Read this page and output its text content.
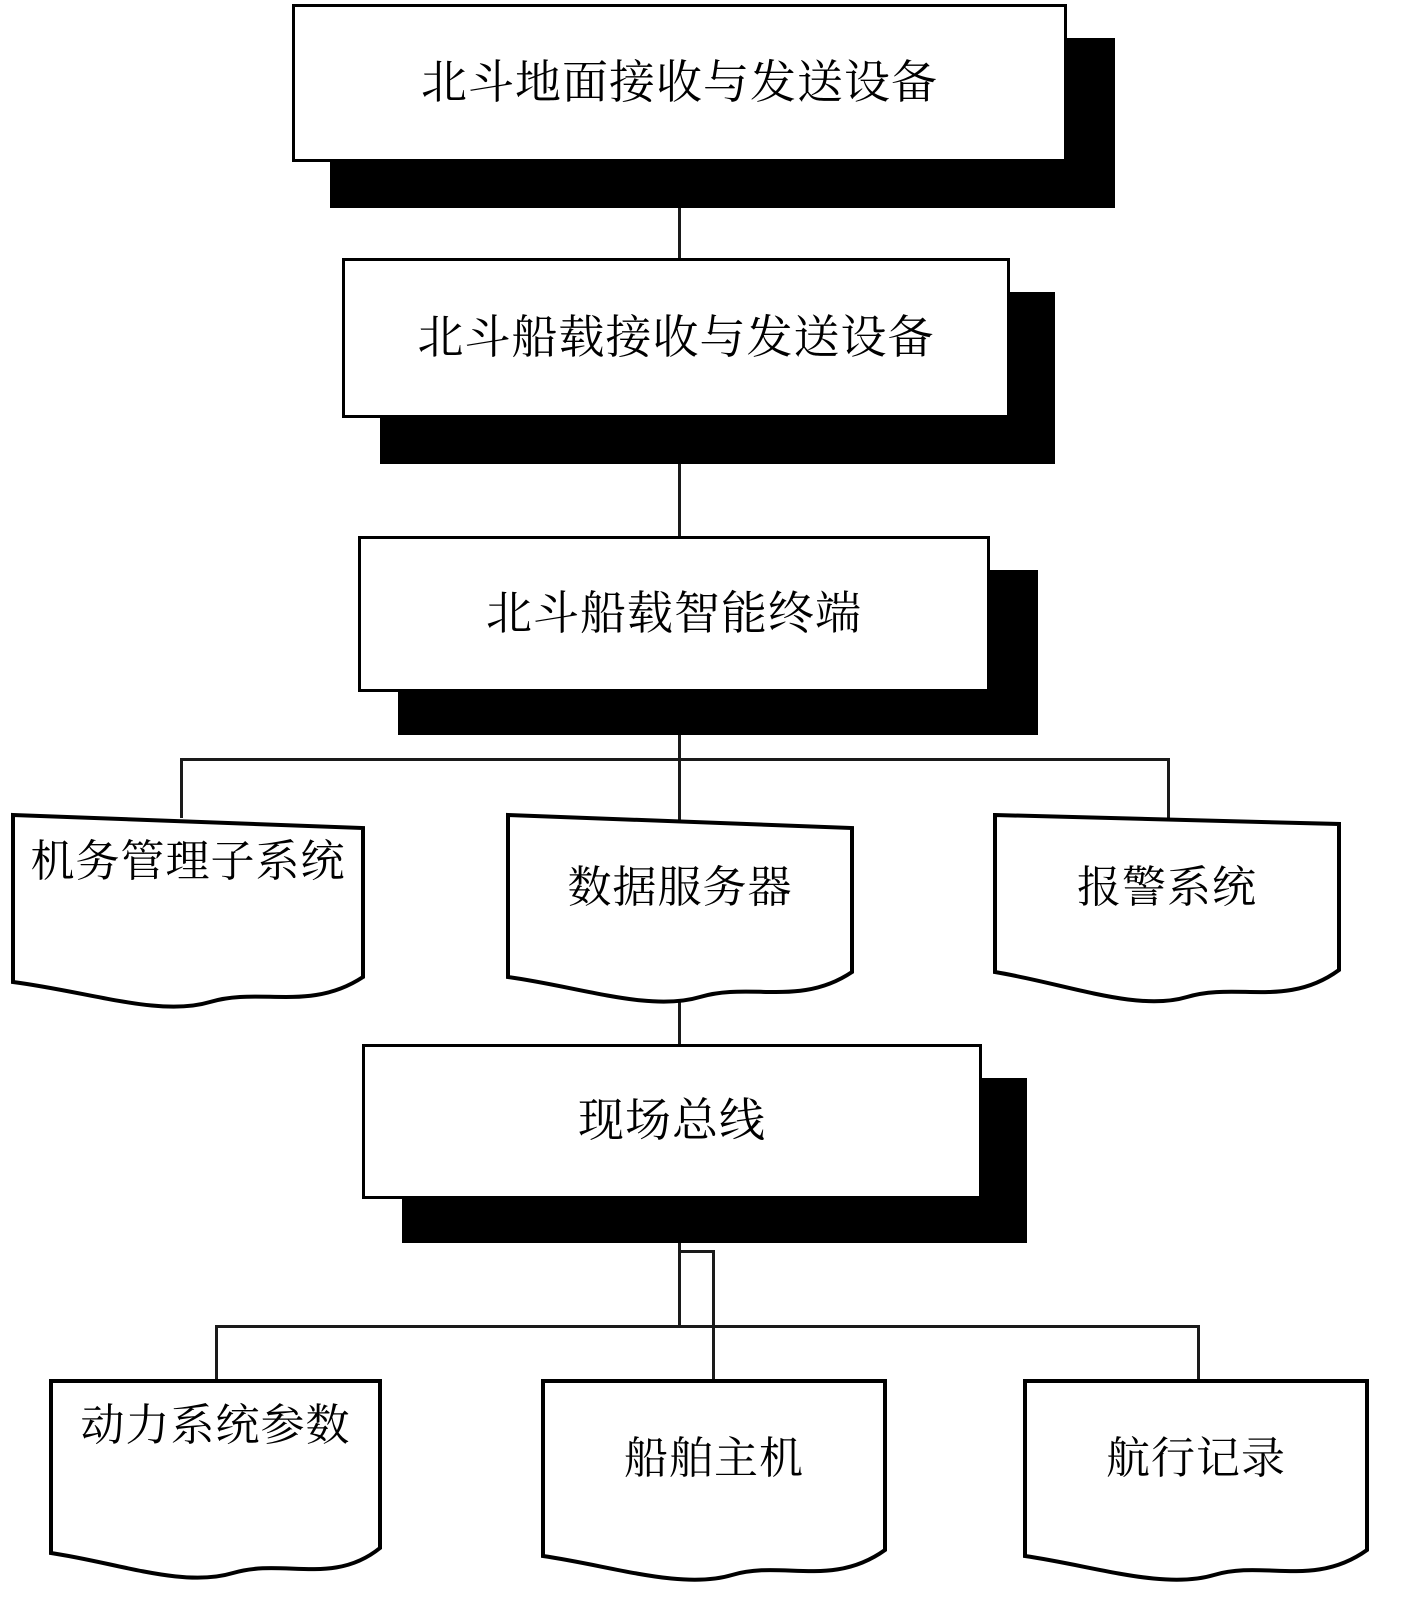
北斗地面接收与发送设备
北斗船载接收与发送设备
北斗船载智能终端
机务管理子系统
数据服务器	报警系统
现场总线
动力系统参数
船舶主机	航行记录
